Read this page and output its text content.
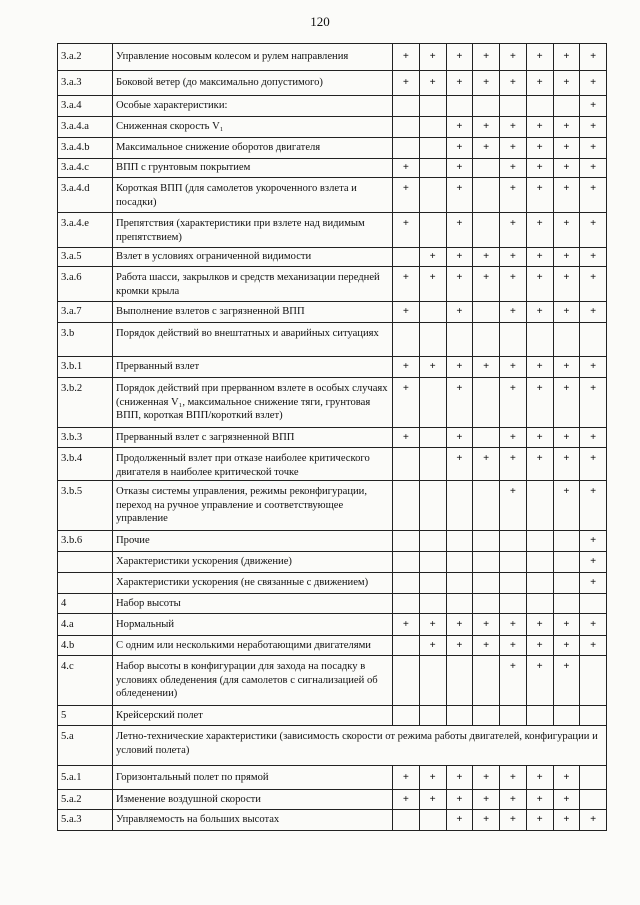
120
3.a.2	Управление носовым колесом и рулем направления	+	+	+	+	+	+	+	+
3.a.3	Боковой ветер (до максимально допустимого)	+	+	+	+	+	+	+	+
3.a.4	Особые характеристики:								+
3.a.4.a	Сниженная скорость V₁			+	+	+	+	+	+
3.a.4.b	Максимальное снижение оборотов двигателя			+	+	+	+	+	+
3.a.4.c	ВПП с грунтовым покрытием	+		+		+	+	+	+
3.a.4.d	Короткая ВПП (для самолетов укороченного взлета и посадки)	+		+		+	+	+	+
3.a.4.e	Препятствия (характеристики при взлете над видимым препятствием)	+		+		+	+	+	+
3.a.5	Взлет в условиях ограниченной видимости		+	+	+	+	+	+	+
3.a.6	Работа шасси, закрылков и средств механизации передней кромки крыла	+	+	+	+	+	+	+	+
3.a.7	Выполнение взлетов с загрязненной ВПП	+		+		+	+	+	+
3.b	Порядок действий во внештатных и аварийных ситуациях								
3.b.1	Прерванный взлет	+	+	+	+	+	+	+	+
3.b.2	Порядок действий при прерванном взлете в особых случаях (сниженная V₁, максимальное снижение тяги, грунтовая ВПП, короткая ВПП/короткий взлет)	+		+		+	+	+	+
3.b.3	Прерванный взлет с загрязненной ВПП	+		+		+	+	+	+
3.b.4	Продолженный взлет при отказе наиболее критического двигателя в наиболее критической точке			+	+	+	+	+	+
3.b.5	Отказы системы управления, режимы реконфигурации, переход на ручное управление и соответствующее управление					+		+	+
3.b.6	Прочие								+
	Характеристики ускорения (движение)								+
	Характеристики ускорения (не связанные с движением)								+
4	Набор высоты								
4.a	Нормальный	+	+	+	+	+	+	+	+
4.b	С одним или несколькими неработающими двигателями		+	+	+	+	+	+	+
4.c	Набор высоты в конфигурации для захода на посадку в условиях обледенения (для самолетов с сигнализацией об обледенении)					+	+	+	
5	Крейсерский полет								
5.a	Летно-технические характеристики (зависимость скорости от режима работы двигателей, конфигурации и условий полета)								
5.a.1	Горизонтальный полет по прямой	+	+	+	+	+	+	+	
5.a.2	Изменение воздушной скорости	+	+	+	+	+	+	+	
5.a.3	Управляемость на больших высотах			+	+	+	+	+	+
